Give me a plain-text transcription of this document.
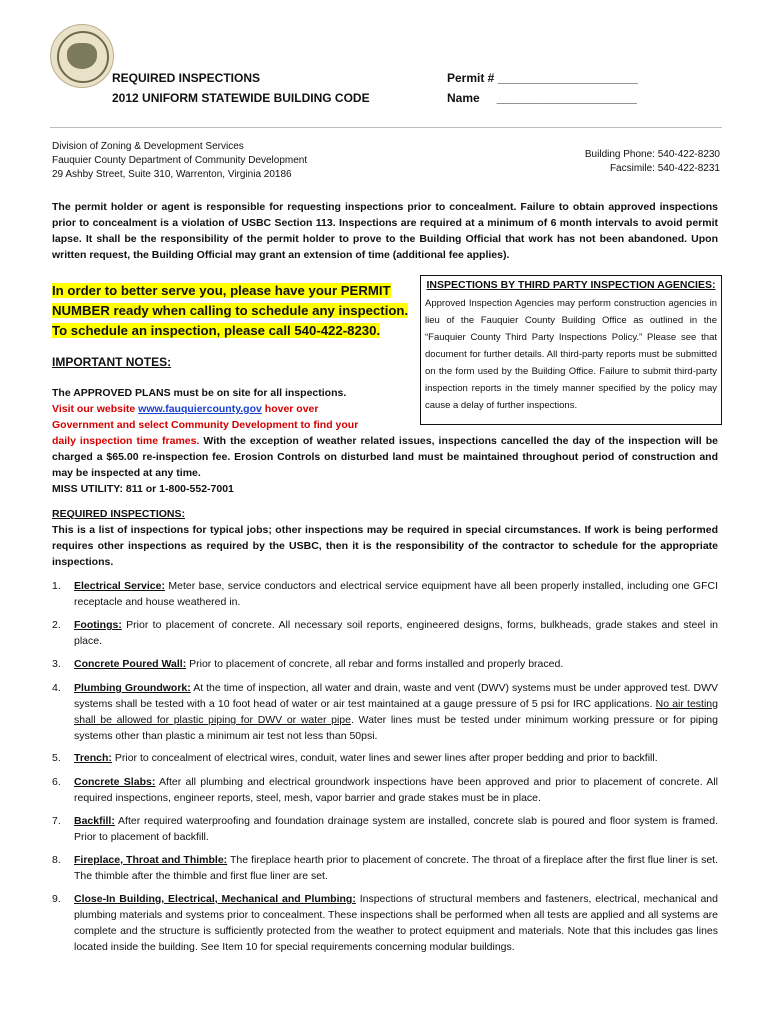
REQUIRED INSPECTIONS
2012 UNIFORM STATEWIDE BUILDING CODE
Permit # _____________________
Name _____________________
Division of Zoning & Development Services
Fauquier County Department of Community Development
29 Ashby Street, Suite 310, Warrenton, Virginia 20186
Building Phone: 540-422-8230
Facsimile: 540-422-8231
The permit holder or agent is responsible for requesting inspections prior to concealment. Failure to obtain approved inspections prior to concealment is a violation of USBC Section 113. Inspections are required at a minimum of 6 month intervals to avoid permit lapse. It shall be the responsibility of the permit holder to prove to the Building Official that work has not been abandoned. Upon written request, the Building Official may grant an extension of time (additional fee applies).
In order to better serve you, please have your PERMIT
NUMBER ready when calling to schedule any inspection.
To schedule an inspection, please call 540-422-8230.
INSPECTIONS BY THIRD PARTY INSPECTION AGENCIES:
Approved Inspection Agencies may perform construction agencies in lieu of the Fauquier County Building Office as outlined in the “Fauquier County Third Party Inspections Policy.” Please see that document for further details. All third-party reports must be submitted on the form used by the Building Office. Failure to submit third-party inspection reports in the timely manner specified by the policy may cause a delay of further inspections.
IMPORTANT NOTES:
The APPROVED PLANS must be on site for all inspections.
Visit our website www.fauquiercounty.gov hover over
Government and select Community Development to find your
daily inspection time frames. With the exception of weather related issues, inspections cancelled the day of the inspection will be charged a $65.00 re-inspection fee. Erosion Controls on disturbed land must be maintained throughout period of construction and may be inspected at any time.
MISS UTILITY: 811 or 1-800-552-7001
REQUIRED INSPECTIONS:
This is a list of inspections for typical jobs; other inspections may be required in special circumstances. If work is being performed requires other inspections as required by the USBC, then it is the responsibility of the contractor to schedule for the appropriate inspections.
1. Electrical Service: Meter base, service conductors and electrical service equipment have all been properly installed, including one GFCI receptacle and house weathered in.
2. Footings: Prior to placement of concrete. All necessary soil reports, engineered designs, forms, bulkheads, grade stakes and steel in place.
3. Concrete Poured Wall: Prior to placement of concrete, all rebar and forms installed and properly braced.
4. Plumbing Groundwork: At the time of inspection, all water and drain, waste and vent (DWV) systems must be under approved test. DWV systems shall be tested with a 10 foot head of water or air test maintained at a gauge pressure of 5 psi for IRC applications. No air testing shall be allowed for plastic piping for DWV or water pipe. Water lines must be tested under minimum working pressure or for piping systems other than plastic a minimum air test not less than 50psi.
5. Trench: Prior to concealment of electrical wires, conduit, water lines and sewer lines after proper bedding and prior to backfill.
6. Concrete Slabs: After all plumbing and electrical groundwork inspections have been approved and prior to placement of concrete. All required inspections, engineer reports, steel, mesh, vapor barrier and grade stakes must be in place.
7. Backfill: After required waterproofing and foundation drainage system are installed, concrete slab is poured and floor system is framed. Prior to placement of backfill.
8. Fireplace, Throat and Thimble: The fireplace hearth prior to placement of concrete. The throat of a fireplace after the first flue liner is set. The thimble after the thimble and first flue liner are set.
9. Close-In Building, Electrical, Mechanical and Plumbing: Inspections of structural members and fasteners, electrical, mechanical and plumbing materials and systems prior to concealment. These inspections shall be performed when all tests are applied and all systems are complete and the structure is sufficiently protected from the weather to protect equipment and materials. Note that this includes gas lines located inside the building. See Item 10 for special requirements concerning modular buildings.
